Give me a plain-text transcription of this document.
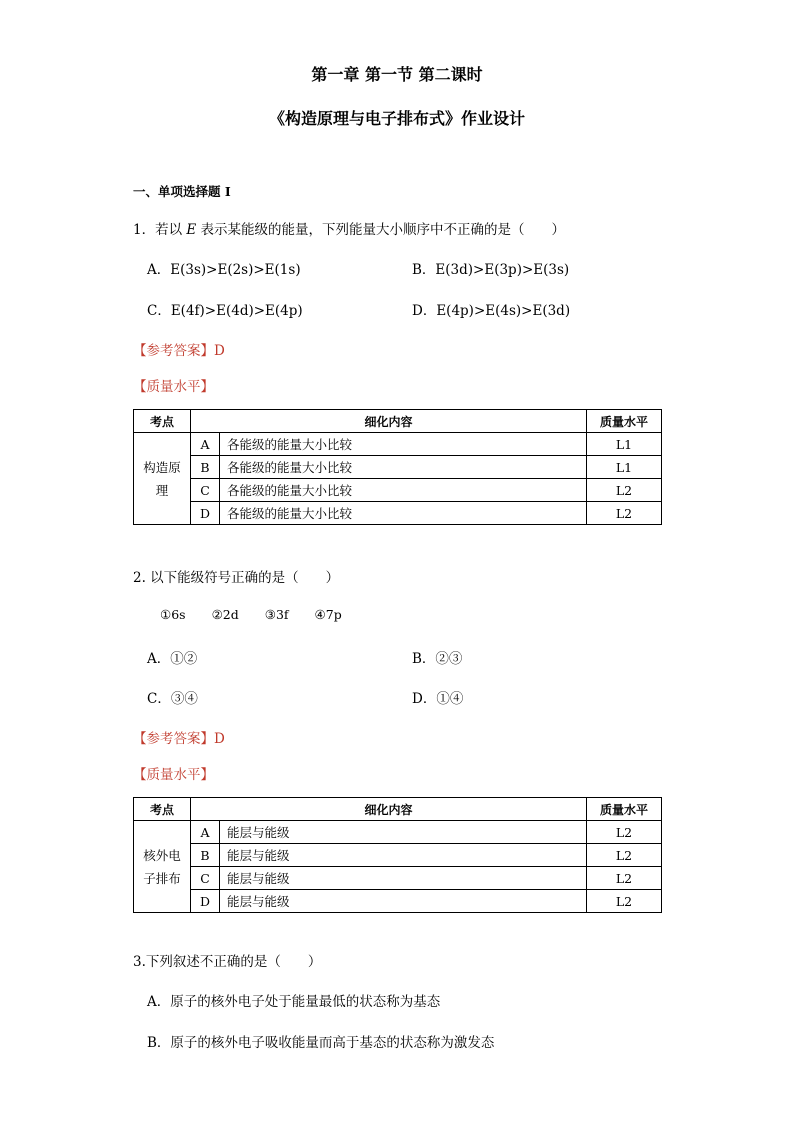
第一章 第一节 第二课时
《构造原理与电子排布式》作业设计
一、单项选择题 I
1．若以 E 表示某能级的能量，下列能量大小顺序中不正确的是（　　）
A．E(3s)>E(2s)>E(1s)	B．E(3d)>E(3p)>E(3s)
C．E(4f)>E(4d)>E(4p)	D．E(4p)>E(4s)>E(3d)
【参考答案】D
【质量水平】
考点	细化内容		质量水平

构造原理	A	各能级的能量大小比较	L1
	B	各能级的能量大小比较	L1
	C	各能级的能量大小比较	L2
	D	各能级的能量大小比较	L2
2. 以下能级符号正确的是（　　）
①6s ②2d ③3f ④7p
A．①②	B．②③
C．③④	D．①④
【参考答案】D
【质量水平】
考点	细化内容		质量水平

核外电子排布	A	能层与能级	L2
	B	能层与能级	L2
	C	能层与能级	L2
	D	能层与能级	L2
3.下列叙述不正确的是（　　）
A．原子的核外电子处于能量最低的状态称为基态
B．原子的核外电子吸收能量而高于基态的状态称为激发态
